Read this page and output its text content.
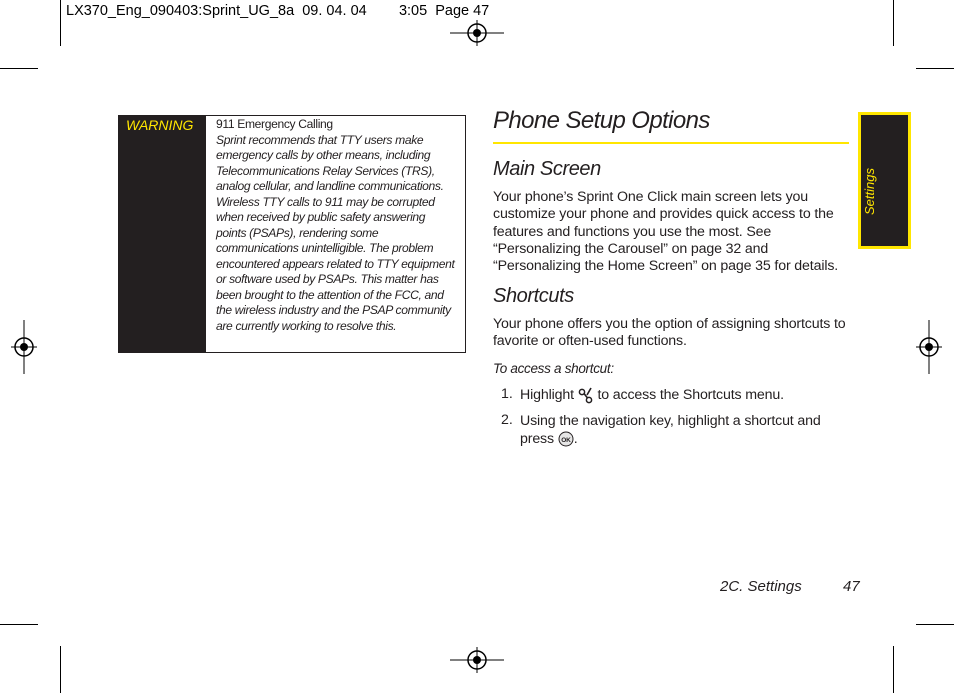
LX370_Eng_090403:Sprint_UG_8a  09. 04. 04        3:05  Page 47
WARNING 911 Emergency Calling
Sprint recommends that TTY users make emergency calls by other means, including Telecommunications Relay Services (TRS), analog cellular, and landline communications. Wireless TTY calls to 911 may be corrupted when received by public safety answering points (PSAPs), rendering some communications unintelligible. The problem encountered appears related to TTY equipment or software used by PSAPs. This matter has been brought to the attention of the FCC, and the wireless industry and the PSAP community are currently working to resolve this.
Phone Setup Options
Main Screen
Your phone’s Sprint One Click main screen lets you customize your phone and provides quick access to the features and functions you use the most. See “Personalizing the Carousel” on page 32 and “Personalizing the Home Screen” on page 35 for details.
Shortcuts
Your phone offers you the option of assigning shortcuts to favorite or often-used functions.
To access a shortcut:
1. Highlight to access the Shortcuts menu.
2. Using the navigation key, highlight a shortcut and press OK .
Settings
2C. Settings	47
